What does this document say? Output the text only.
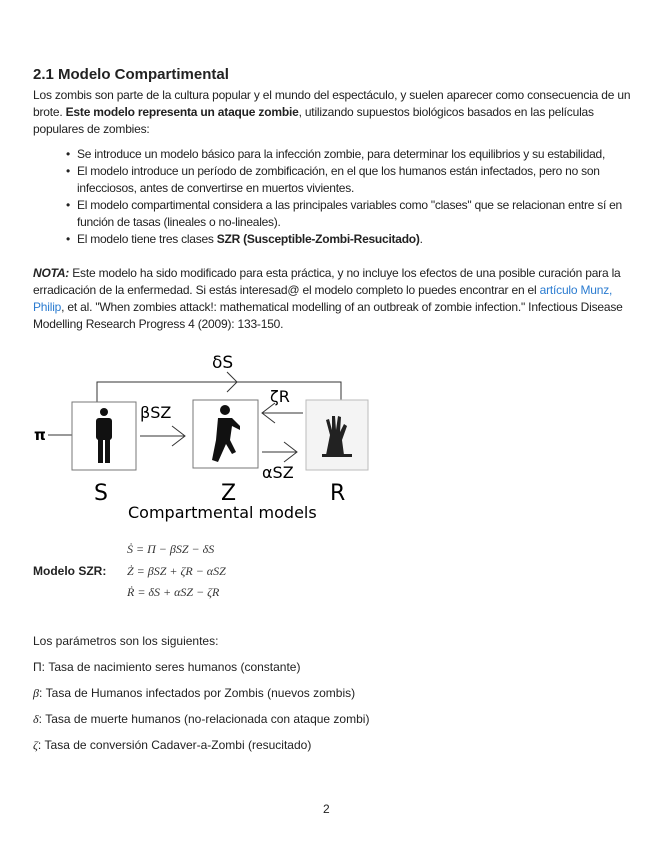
2.1 Modelo Compartimental
Los zombis son parte de la cultura popular y el mundo del espectáculo, y suelen aparecer como consecuencia de un brote. Este modelo representa un ataque zombie, utilizando supuestos biológicos basados en las películas populares de zombies:
• Se introduce un modelo básico para la infección zombie, para determinar los equilibrios y su estabilidad,
• El modelo introduce un período de zombificación, en el que los humanos están infectados, pero no son infecciosos, antes de convertirse en muertos vivientes.
• El modelo compartimental considera a las principales variables como "clases" que se relacionan entre sí en función de tasas (lineales o no-lineales).
• El modelo tiene tres clases SZR (Susceptible-Zombi-Resucitado).
NOTA: Este modelo ha sido modificado para esta práctica, y no incluye los efectos de una posible curación para la erradicación de la enfermedad. Si estás interesad@ el modelo completo lo puedes encontrar en el artículo Munz, Philip, et al. "When zombies attack!: mathematical modelling of an outbreak of zombie infection." Infectious Disease Modelling Research Progress 4 (2009): 133-150.
π
δS
βSZ
ζR
αSZ
S	Z	R
Compartmental models
Modelo SZR:
Ṡ = Π − βSZ − δS
Ż = βSZ + ζR − αSZ
Ṙ = δS + αSZ − ζR
Los parámetros son los siguientes:
Π: Tasa de nacimiento seres humanos (constante)
β: Tasa de Humanos infectados por Zombis (nuevos zombis)
δ: Tasa de muerte humanos (no-relacionada con ataque zombi)
ζ: Tasa de conversión Cadaver-a-Zombi (resucitado)
2
